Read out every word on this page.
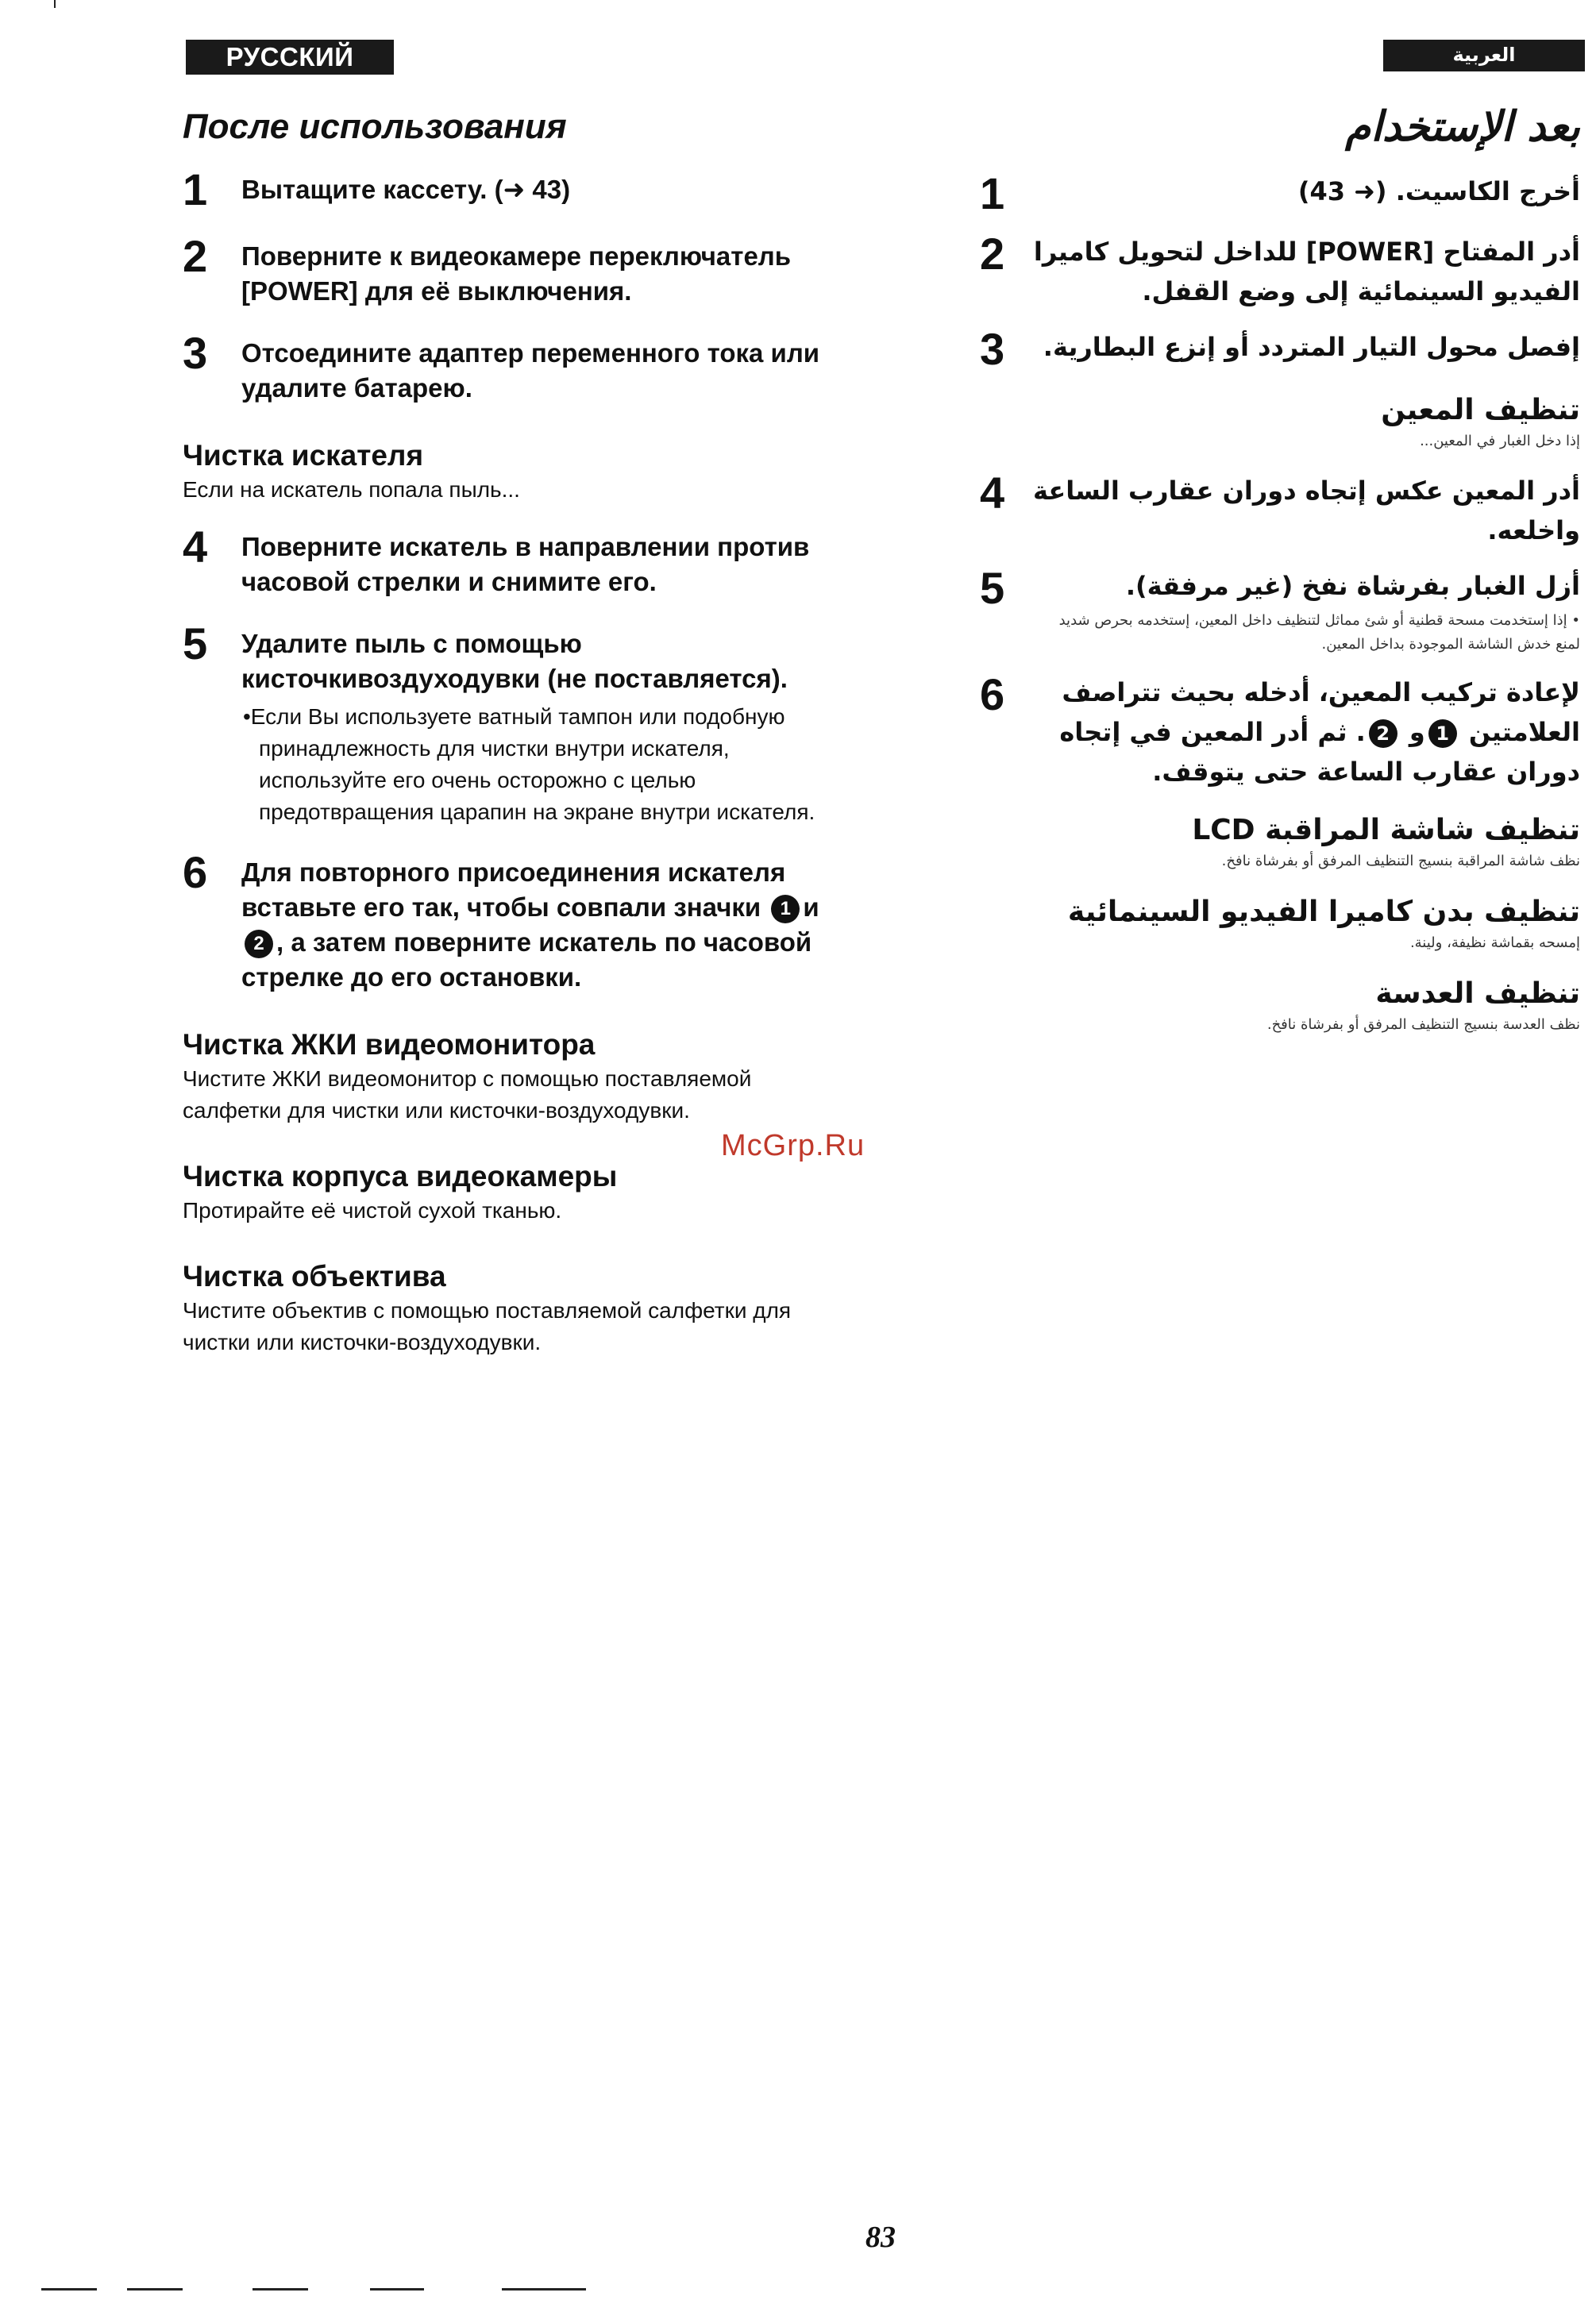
РУССКИЙ ЯЗЫК
العربية
После использования
1	Вытащите кассету. (➜ 43)
2	Поверните к видеокамере переключатель [POWER] для её выключения.
3	Отсоедините адаптер переменного тока или удалите батарею.
Чистка искателя

Если на искатель попала пыль...

4	Поверните искатель в направлении против часовой стрелки и снимите его.
5	Удалите пыль с помощью кисточкивоздуходувки (не поставляется).
•Если Вы используете ватный тампон или подобную принадлежность для чистки внутри искателя, используйте его очень осторожно с целью предотвращения царапин на экране внутри искателя.
6	Для повторного присоединения искателя вставьте его так, чтобы совпали значки 1 и 2 , а затем поверните искатель по часовой стрелке до его остановки.
Чистка ЖКИ видеомонитора

Чистите ЖКИ видеомонитор с помощью поставляемой салфетки для чистки или кисточки-воздуходувки.

Чистка корпуса видеокамеры

Протирайте её чистой сухой тканью.

Чистка объектива

Чистите объектив с помощью поставляемой салфетки для чистки или кисточки-воздуходувки.

بعد الإستخدام
أخرج الكاسيت. (➜ 43)
1
أدر المفتاح [POWER] للداخل لتحويل كاميرا الفيديو السينمائية إلى وضع القفل.
2
إفصل محول التيار المتردد أو إنزع البطارية.
3
تنظيف المعين

إذا دخل الغبار في المعين...

أدر المعين عكس إتجاه دوران عقارب الساعة واخلعه.
4
أزل الغبار بفرشاة نفخ (غير مرفقة).
• إذا إستخدمت مسحة قطنية أو شئ مماثل لتنظيف داخل المعين، إستخدمه بحرص شديد لمنع خدش الشاشة الموجودة بداخل المعين.
5
لإعادة تركيب المعين، أدخله بحيث تتراصف العلامتين 1و 2. ثم أدر المعين في إتجاه دوران عقارب الساعة حتى يتوقف.
6
تنظيف شاشة المراقبة LCD

نظف شاشة المراقبة بنسيج التنظيف المرفق أو بفرشاة نافخ.

تنظيف بدن كاميرا الفيديو السينمائية

إمسحه بقماشة نظيفة، ولينة.

تنظيف العدسة

نظف العدسة بنسيج التنظيف المرفق أو بفرشاة نافخ.

McGrp.Ru
83
